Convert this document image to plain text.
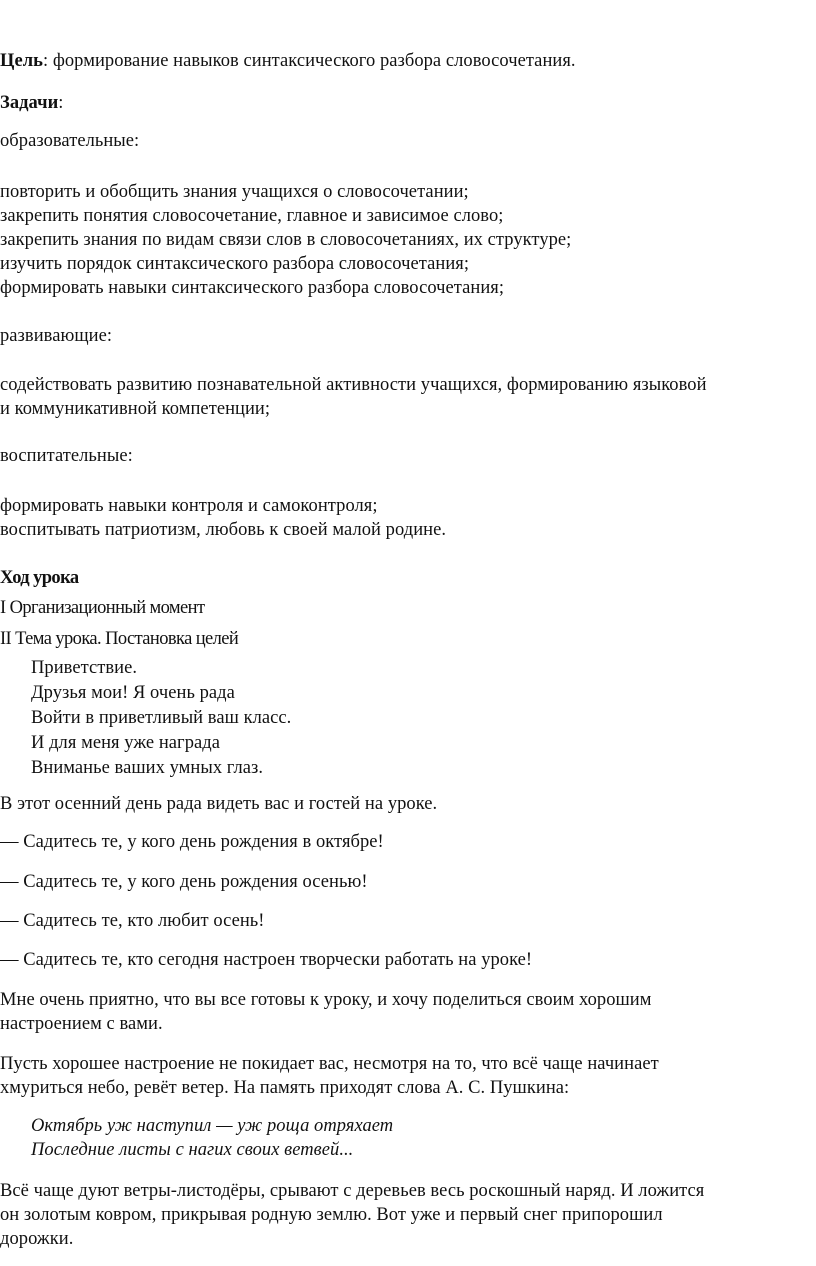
Цель: формирование навыков синтаксического разбора словосочетания.
Задачи:
образовательные:
повторить и обобщить знания учащихся о словосочетании;
закрепить понятия словосочетание, главное и зависимое слово;
закрепить знания по видам связи слов в словосочетаниях, их структуре;
изучить порядок синтаксического разбора словосочетания;
формировать навыки синтаксического разбора словосочетания;
развивающие:
содействовать развитию познавательной активности учащихся, формированию языковой
и коммуникативной компетенции;
воспитательные:
формировать навыки контроля и самоконтроля;
воспитывать патриотизм, любовь к своей малой родине.
Ход урока
I Организационный момент
II Тема урока. Постановка целей
Приветствие.
Друзья мои! Я очень рада
Войти в приветливый ваш класс.
И для меня уже награда
Вниманье ваших умных глаз.
В этот осенний день рада видеть вас и гостей на уроке.
— Садитесь те, у кого день рождения в октябре!
— Садитесь те, у кого день рождения осенью!
— Садитесь те, кто любит осень!
— Садитесь те, кто сегодня настроен творчески работать на уроке!
Мне очень приятно, что вы все готовы к уроку, и хочу поделиться своим хорошим
настроением с вами.
Пусть хорошее настроение не покидает вас, несмотря на то, что всё чаще начинает
хмуриться небо, ревёт ветер. На память приходят слова А. С. Пушкина:
Октябрь уж наступил — уж роща отряхает
Последние листы с нагих своих ветвей...
Всё чаще дуют ветры-листодёры, срывают с деревьев весь роскошный наряд. И ложится
он золотым ковром, прикрывая родную землю. Вот уже и первый снег припорошил
дорожки.
